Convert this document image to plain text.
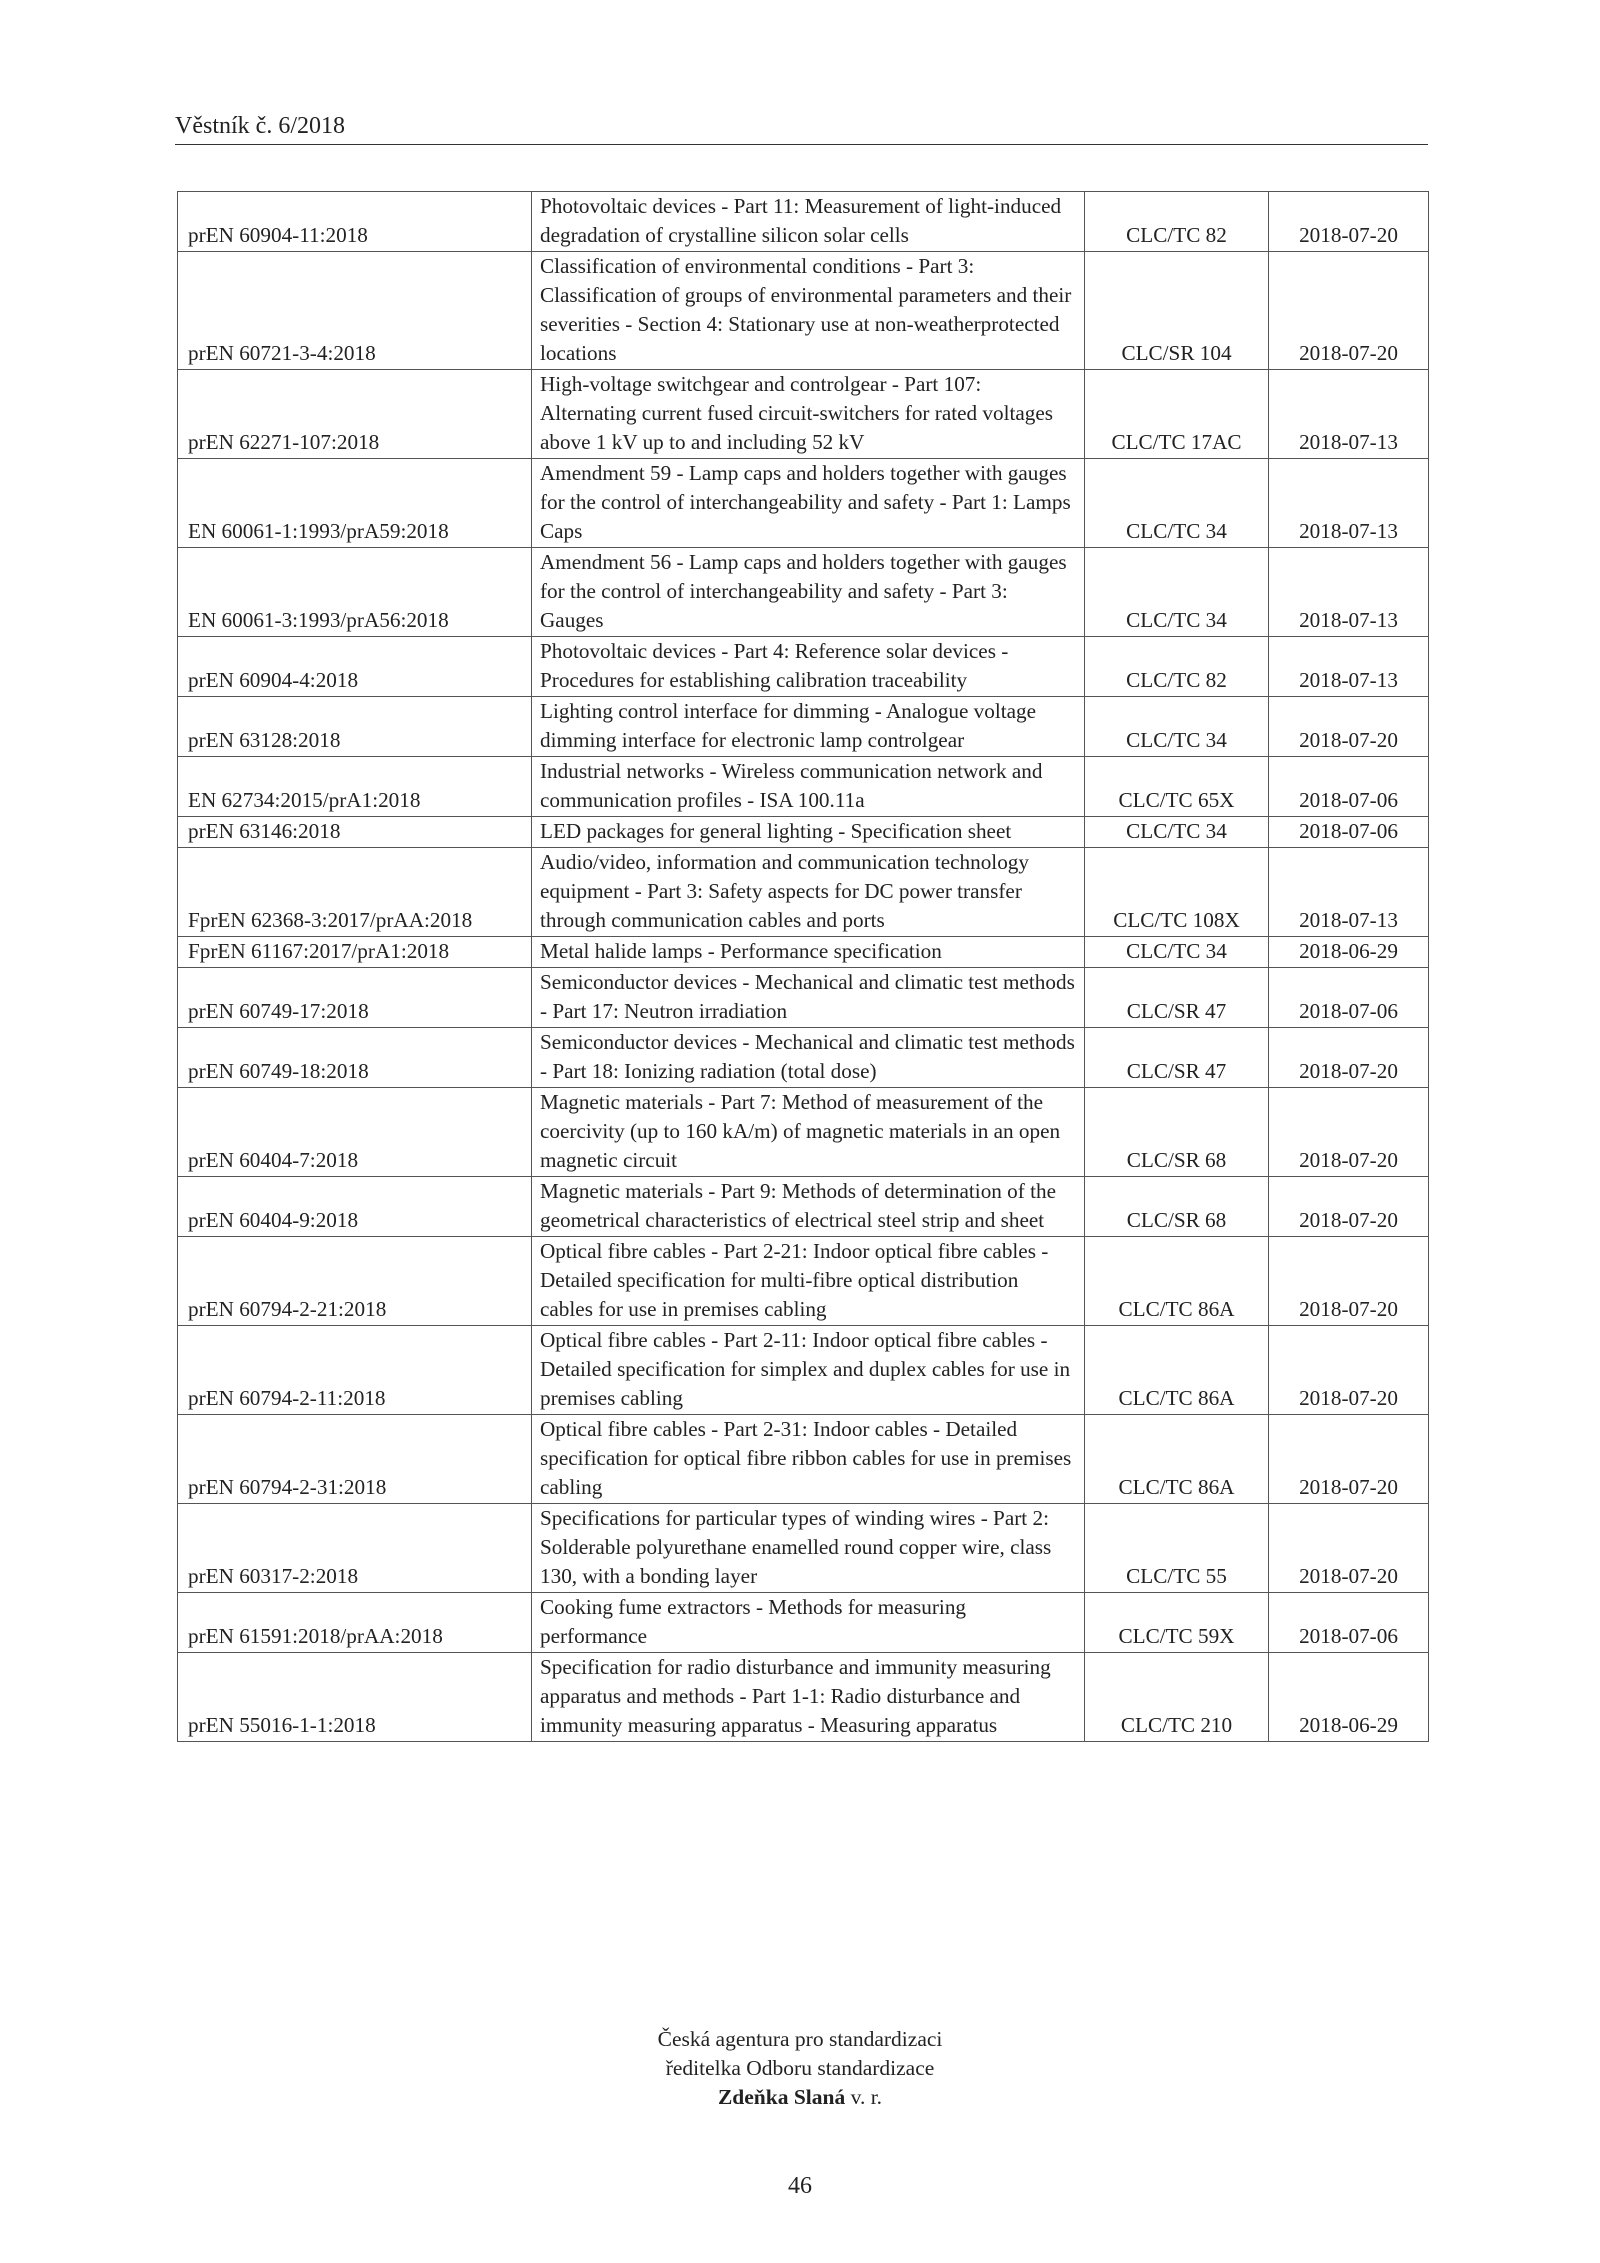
Věstník č. 6/2018
prEN 60904-11:2018	Photovoltaic devices - Part 11: Measurement of light-induced degradation of crystalline silicon solar cells	CLC/TC 82	2018-07-20
prEN 60721-3-4:2018	Classification of environmental conditions - Part 3: Classification of groups of environmental parameters and their severities - Section 4: Stationary use at non-weatherprotected locations	CLC/SR 104	2018-07-20
prEN 62271-107:2018	High-voltage switchgear and controlgear - Part 107: Alternating current fused circuit-switchers for rated voltages above 1 kV up to and including 52 kV	CLC/TC 17AC	2018-07-13
EN 60061-1:1993/prA59:2018	Amendment 59 - Lamp caps and holders together with gauges for the control of interchangeability and safety - Part 1: Lamps Caps	CLC/TC 34	2018-07-13
EN 60061-3:1993/prA56:2018	Amendment 56 - Lamp caps and holders together with gauges for the control of interchangeability and safety - Part 3: Gauges	CLC/TC 34	2018-07-13
prEN 60904-4:2018	Photovoltaic devices - Part 4: Reference solar devices - Procedures for establishing calibration traceability	CLC/TC 82	2018-07-13
prEN 63128:2018	Lighting control interface for dimming - Analogue voltage dimming interface for electronic lamp controlgear	CLC/TC 34	2018-07-20
EN 62734:2015/prA1:2018	Industrial networks - Wireless communication network and communication profiles - ISA 100.11a	CLC/TC 65X	2018-07-06
prEN 63146:2018	LED packages for general lighting - Specification sheet	CLC/TC 34	2018-07-06
FprEN 62368-3:2017/prAA:2018	Audio/video, information and communication technology equipment - Part 3: Safety aspects for DC power transfer through communication cables and ports	CLC/TC 108X	2018-07-13
FprEN 61167:2017/prA1:2018	Metal halide lamps - Performance specification	CLC/TC 34	2018-06-29
prEN 60749-17:2018	Semiconductor devices - Mechanical and climatic test methods - Part 17: Neutron irradiation	CLC/SR 47	2018-07-06
prEN 60749-18:2018	Semiconductor devices - Mechanical and climatic test methods - Part 18: Ionizing radiation (total dose)	CLC/SR 47	2018-07-20
prEN 60404-7:2018	Magnetic materials - Part 7: Method of measurement of the coercivity (up to 160 kA/m) of magnetic materials in an open magnetic circuit	CLC/SR 68	2018-07-20
prEN 60404-9:2018	Magnetic materials - Part 9: Methods of determination of the geometrical characteristics of electrical steel strip and sheet	CLC/SR 68	2018-07-20
prEN 60794-2-21:2018	Optical fibre cables - Part 2-21: Indoor optical fibre cables - Detailed specification for multi-fibre optical distribution cables for use in premises cabling	CLC/TC 86A	2018-07-20
prEN 60794-2-11:2018	Optical fibre cables - Part 2-11: Indoor optical fibre cables - Detailed specification for simplex and duplex cables for use in premises cabling	CLC/TC 86A	2018-07-20
prEN 60794-2-31:2018	Optical fibre cables - Part 2-31: Indoor cables - Detailed specification for optical fibre ribbon cables for use in premises cabling	CLC/TC 86A	2018-07-20
prEN 60317-2:2018	Specifications for particular types of winding wires - Part 2: Solderable polyurethane enamelled round copper wire, class 130, with a bonding layer	CLC/TC 55	2018-07-20
prEN 61591:2018/prAA:2018	Cooking fume extractors - Methods for measuring performance	CLC/TC 59X	2018-07-06
prEN 55016-1-1:2018	Specification for radio disturbance and immunity measuring apparatus and methods - Part 1-1: Radio disturbance and immunity measuring apparatus - Measuring apparatus	CLC/TC 210	2018-06-29
Česká agentura pro standardizaci
ředitelka Odboru standardizace
Zdeňka Slaná v. r.
46
